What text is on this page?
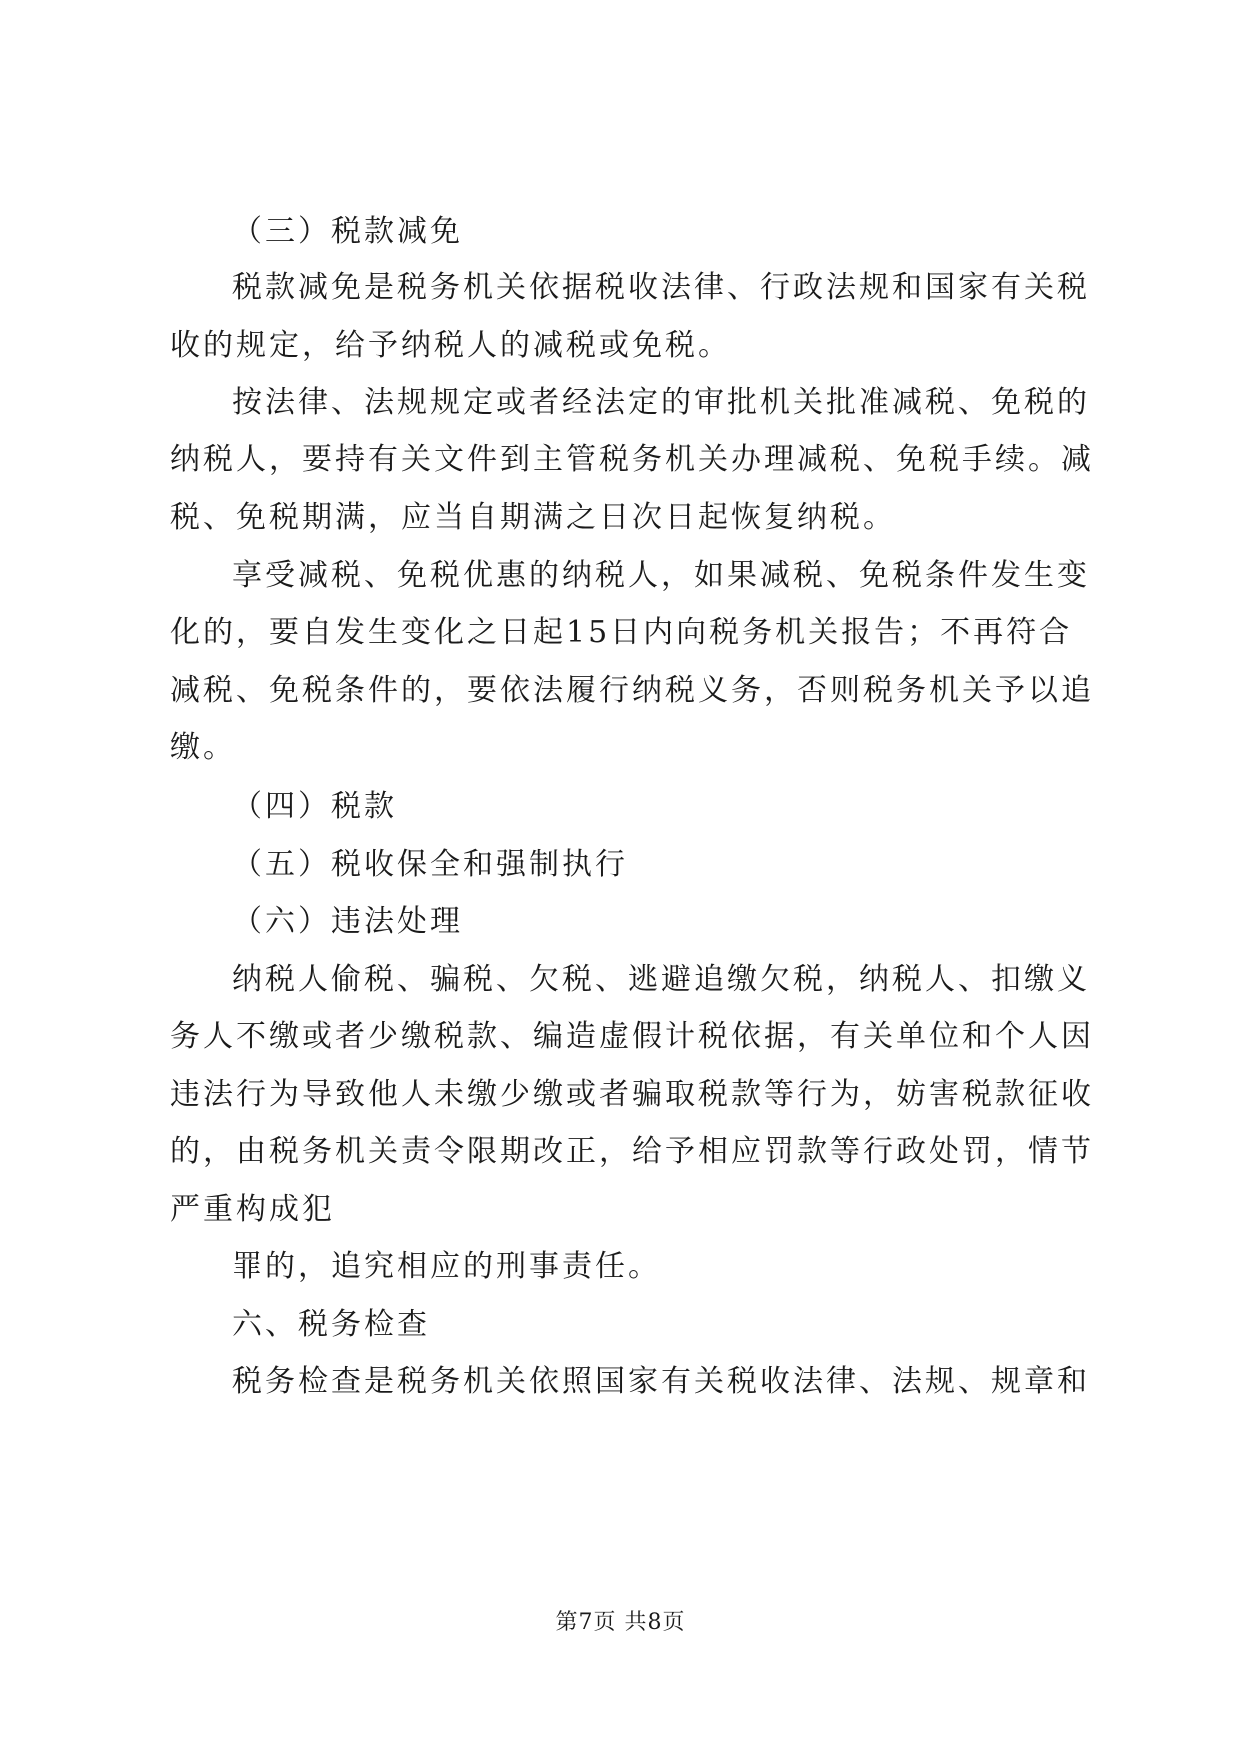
（三）税款减免
税款减免是税务机关依据税收法律、行政法规和国家有关税
收的规定，给予纳税人的减税或免税。
按法律、法规规定或者经法定的审批机关批准减税、免税的
纳税人，要持有关文件到主管税务机关办理减税、免税手续。减
税、免税期满，应当自期满之日次日起恢复纳税。
享受减税、免税优惠的纳税人，如果减税、免税条件发生变
化的，要自发生变化之日起15日内向税务机关报告；不再符合
减税、免税条件的，要依法履行纳税义务，否则税务机关予以追
缴。
（四）税款
（五）税收保全和强制执行
（六）违法处理
纳税人偷税、骗税、欠税、逃避追缴欠税，纳税人、扣缴义
务人不缴或者少缴税款、编造虚假计税依据，有关单位和个人因
违法行为导致他人未缴少缴或者骗取税款等行为，妨害税款征收
的，由税务机关责令限期改正，给予相应罚款等行政处罚，情节
严重构成犯
罪的，追究相应的刑事责任。
六、税务检查
税务检查是税务机关依照国家有关税收法律、法规、规章和
第7页 共8页
